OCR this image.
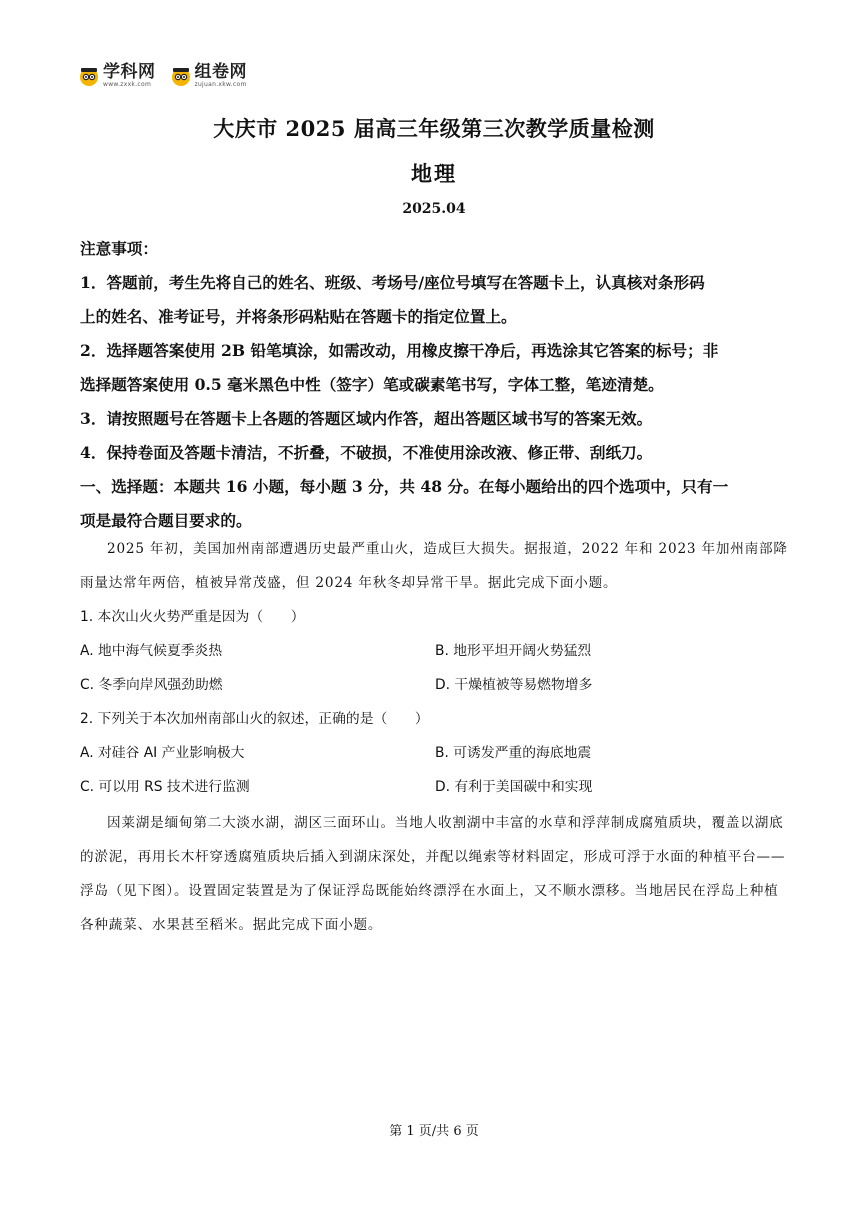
学科网
www.zxxk.com
组卷网
zujuan.xkw.com
大庆市 2025 届高三年级第三次教学质量检测
地理
2025.04

注意事项：

1．答题前，考生先将自己的姓名、班级、考场号/座位号填写在答题卡上，认真核对条形码

上的姓名、准考证号，并将条形码粘贴在答题卡的指定位置上。

2．选择题答案使用 2B 铅笔填涂，如需改动，用橡皮擦干净后，再选涂其它答案的标号；非

选择题答案使用 0.5 毫米黑色中性（签字）笔或碳素笔书写，字体工整，笔迹清楚。

3．请按照题号在答题卡上各题的答题区域内作答，超出答题区域书写的答案无效。

4．保持卷面及答题卡清洁，不折叠，不破损，不准使用涂改液、修正带、刮纸刀。

一、选择题：本题共 16 小题，每小题 3 分，共 48 分。在每小题给出的四个选项中，只有一

项是最符合题目要求的。

2025 年初，美国加州南部遭遇历史最严重山火，造成巨大损失。据报道，2022 年和 2023 年加州南部降雨量达常年两倍，植被异常茂盛，但 2024 年秋冬却异常干旱。据此完成下面小题。

1. 本次山火火势严重是因为（　　）
A. 地中海气候夏季炎热	B. 地形平坦开阔火势猛烈
C. 冬季向岸风强劲助燃	D. 干燥植被等易燃物增多
2. 下列关于本次加州南部山火的叙述，正确的是（　　）
A. 对硅谷 AI 产业影响极大	B. 可诱发严重的海底地震
C. 可以用 RS 技术进行监测	D. 有利于美国碳中和实现

因莱湖是缅甸第二大淡水湖，湖区三面环山。当地人收割湖中丰富的水草和浮萍制成腐殖质块，覆盖以湖底的淤泥，再用长木杆穿透腐殖质块后插入到湖床深处，并配以绳索等材料固定，形成可浮于水面的种植平台——浮岛（见下图）。设置固定装置是为了保证浮岛既能始终漂浮在水面上，又不顺水漂移。当地居民在浮岛上种植各种蔬菜、水果甚至稻米。据此完成下面小题。

第 1 页/共 6 页
